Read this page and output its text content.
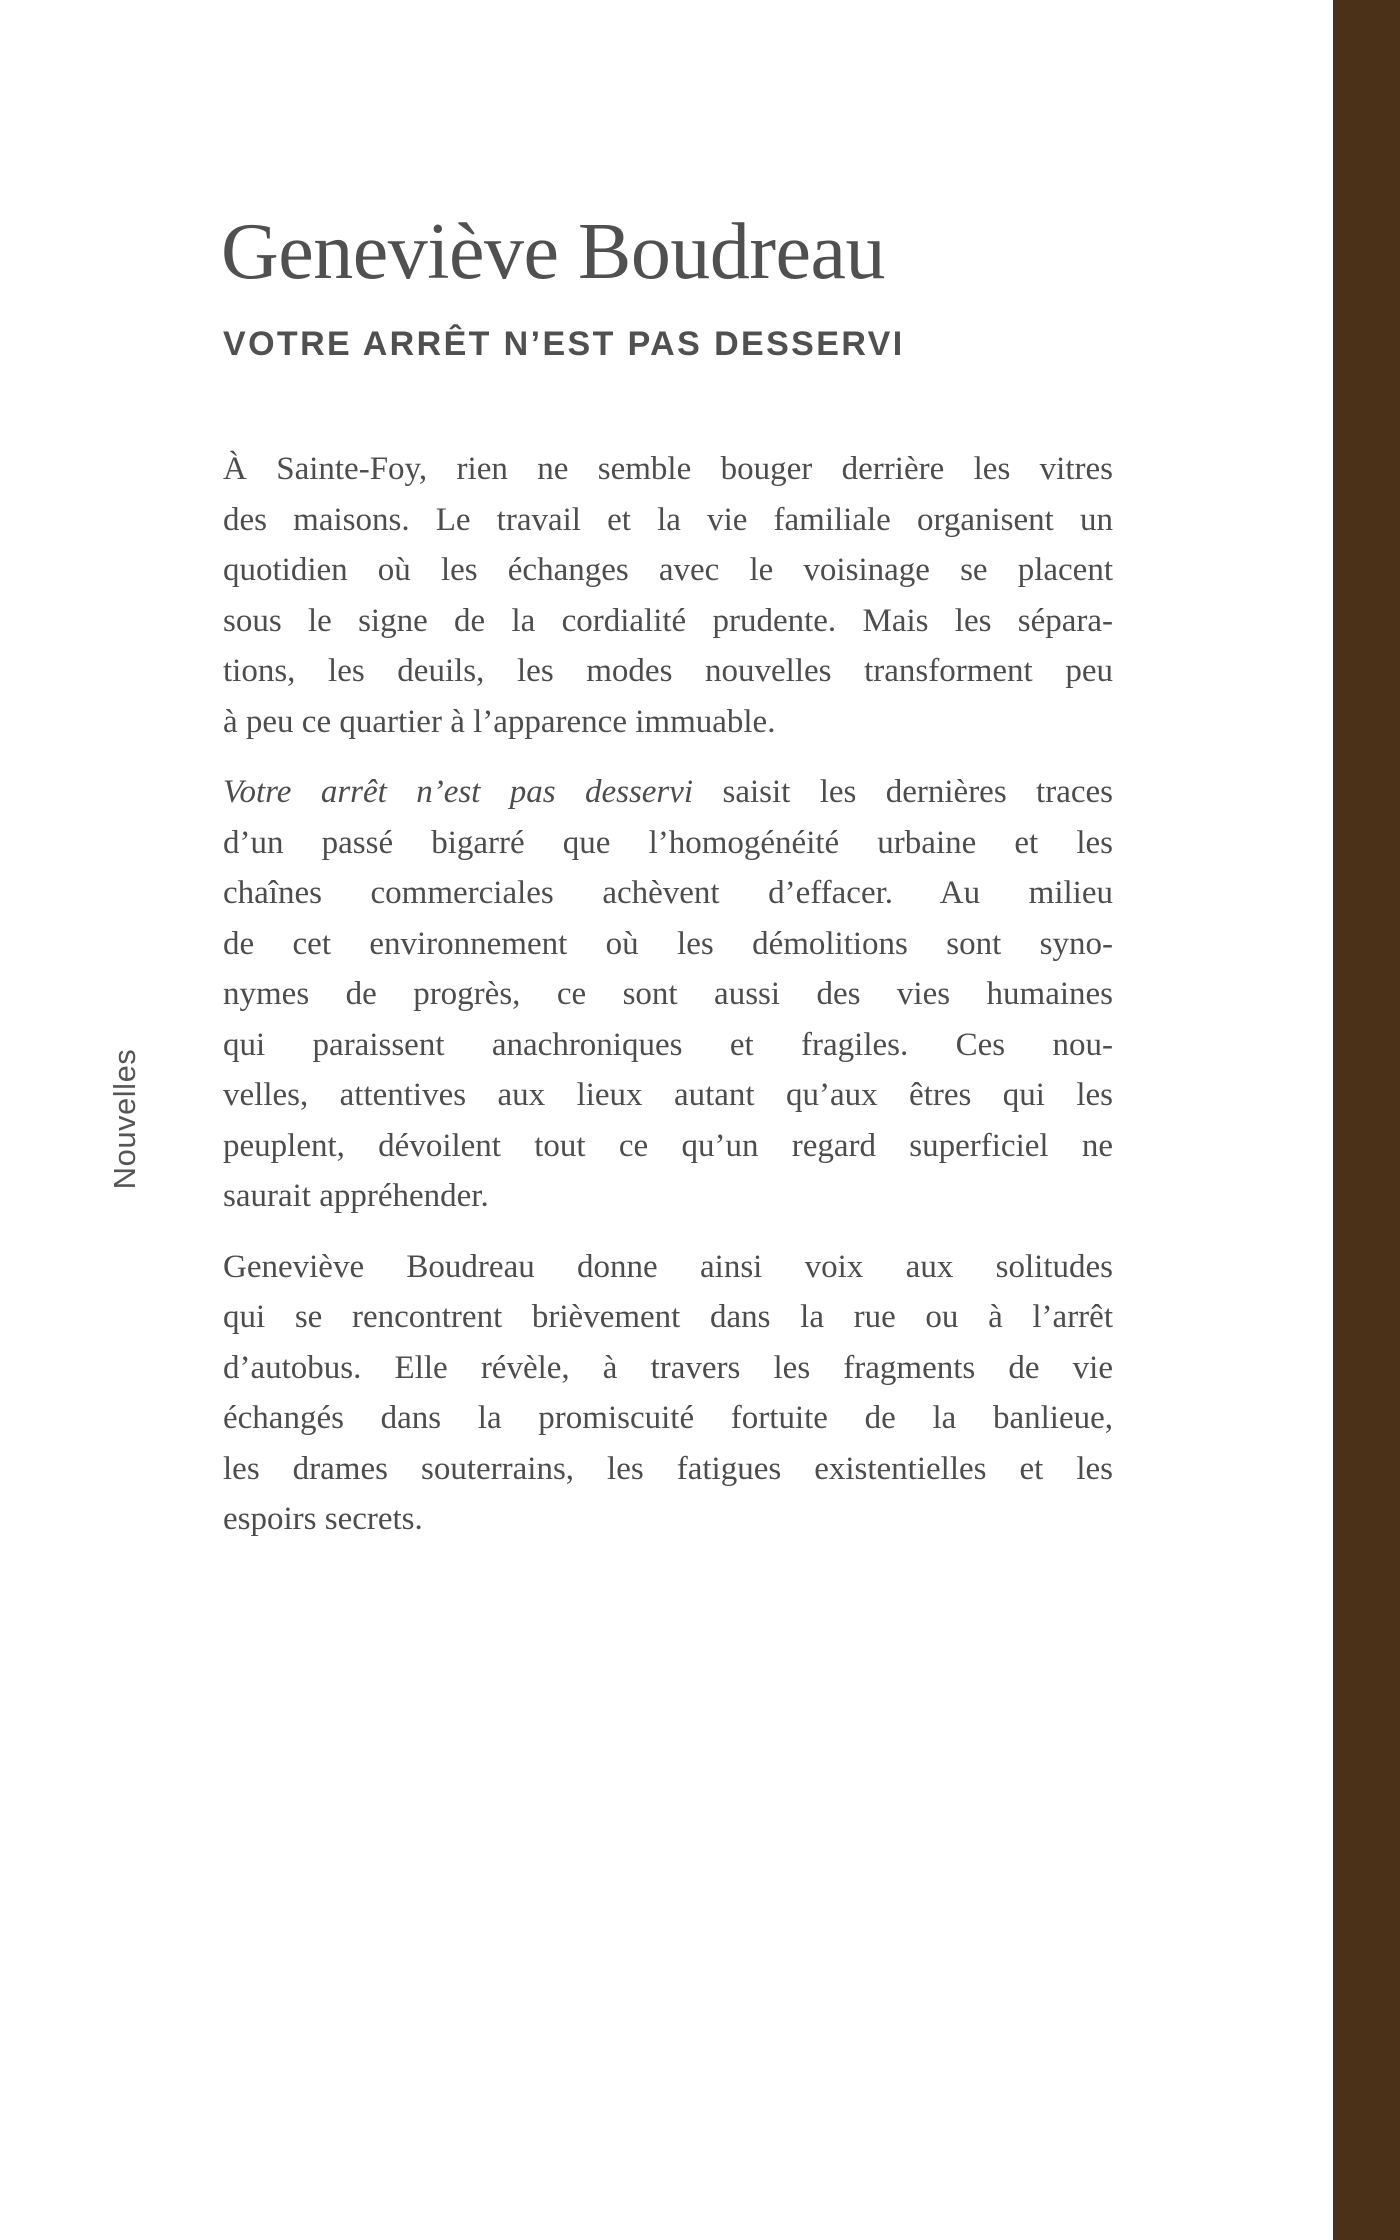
Geneviève Boudreau
VOTRE ARRÊT N’EST PAS DESSERVI

À Sainte-Foy, rien ne semble bouger derrière les vitres
des maisons. Le travail et la vie familiale organisent un
quotidien où les échanges avec le voisinage se placent
sous le signe de la cordialité prudente. Mais les sépara-
tions, les deuils, les modes nouvelles transforment peu
à peu ce quartier à l’apparence immuable.

Votre arrêt n’est pas desservi saisit les dernières traces
d’un passé bigarré que l’homogénéité urbaine et les
chaînes commerciales achèvent d’effacer. Au milieu
de cet environnement où les démolitions sont syno-
nymes de progrès, ce sont aussi des vies humaines
qui paraissent anachroniques et fragiles. Ces nou-
velles, attentives aux lieux autant qu’aux êtres qui les
peuplent, dévoilent tout ce qu’un regard superficiel ne
saurait appréhender.

Geneviève Boudreau donne ainsi voix aux solitudes
qui se rencontrent brièvement dans la rue ou à l’arrêt
d’autobus. Elle révèle, à travers les fragments de vie
échangés dans la promiscuité fortuite de la banlieue,
les drames souterrains, les fatigues existentielles et les
espoirs secrets.

Nouvelles
